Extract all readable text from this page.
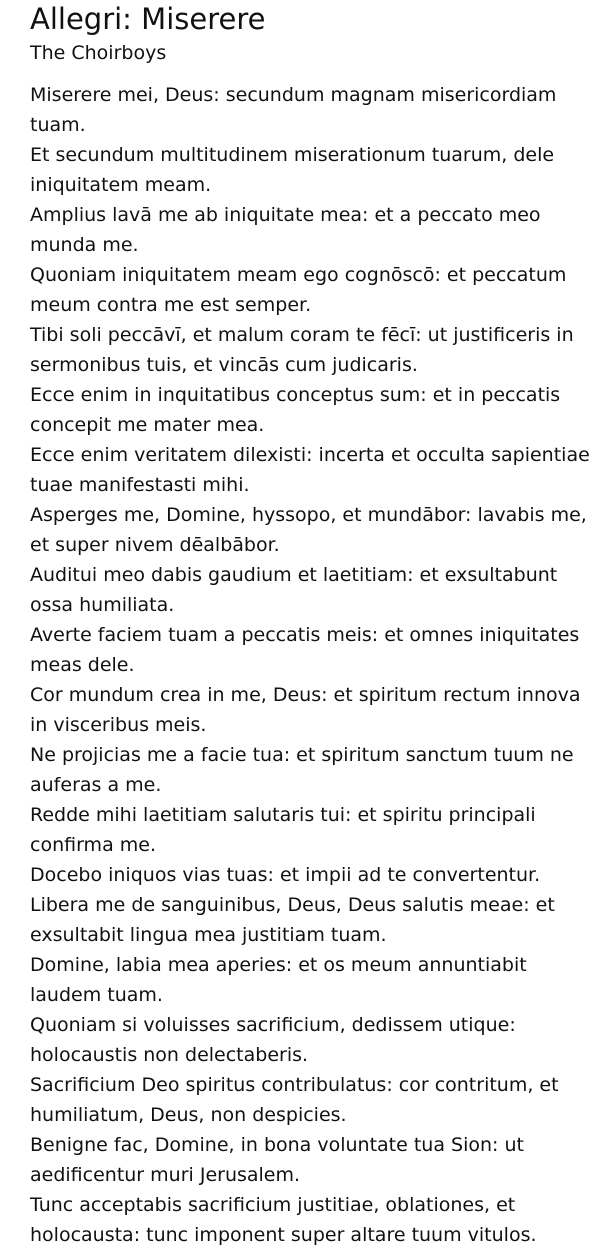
Allegri: Miserere
The Choirboys

Miserere mei, Deus: secundum magnam misericordiam tuam.

Et secundum multitudinem miserationum tuarum, dele iniquitatem meam.

Amplius lavā me ab iniquitate mea: et a peccato meo munda me.

Quoniam iniquitatem meam ego cognōscō: et peccatum meum contra me est semper.

Tibi soli peccāvī, et malum coram te fēcī: ut justificeris in sermonibus tuis, et vincās cum judicaris.

Ecce enim in inquitatibus conceptus sum: et in peccatis concepit me mater mea.

Ecce enim veritatem dilexisti: incerta et occulta sapientiae tuae manifestasti mihi.

Asperges me, Domine, hyssopo, et mundābor: lavabis me, et super nivem dēalbābor.

Auditui meo dabis gaudium et laetitiam: et exsultabunt ossa humiliata.

Averte faciem tuam a peccatis meis: et omnes iniquitates meas dele.

Cor mundum crea in me, Deus: et spiritum rectum innova in visceribus meis.

Ne projicias me a facie tua: et spiritum sanctum tuum ne auferas a me.

Redde mihi laetitiam salutaris tui: et spiritu principali confirma me.

Docebo iniquos vias tuas: et impii ad te convertentur.

Libera me de sanguinibus, Deus, Deus salutis meae: et exsultabit lingua mea justitiam tuam.

Domine, labia mea aperies: et os meum annuntiabit laudem tuam.

Quoniam si voluisses sacrificium, dedissem utique: holocaustis non delectaberis.

Sacrificium Deo spiritus contribulatus: cor contritum, et humiliatum, Deus, non despicies.

Benigne fac, Domine, in bona voluntate tua Sion: ut aedificentur muri Jerusalem.

Tunc acceptabis sacrificium justitiae, oblationes, et holocausta: tunc imponent super altare tuum vitulos.
